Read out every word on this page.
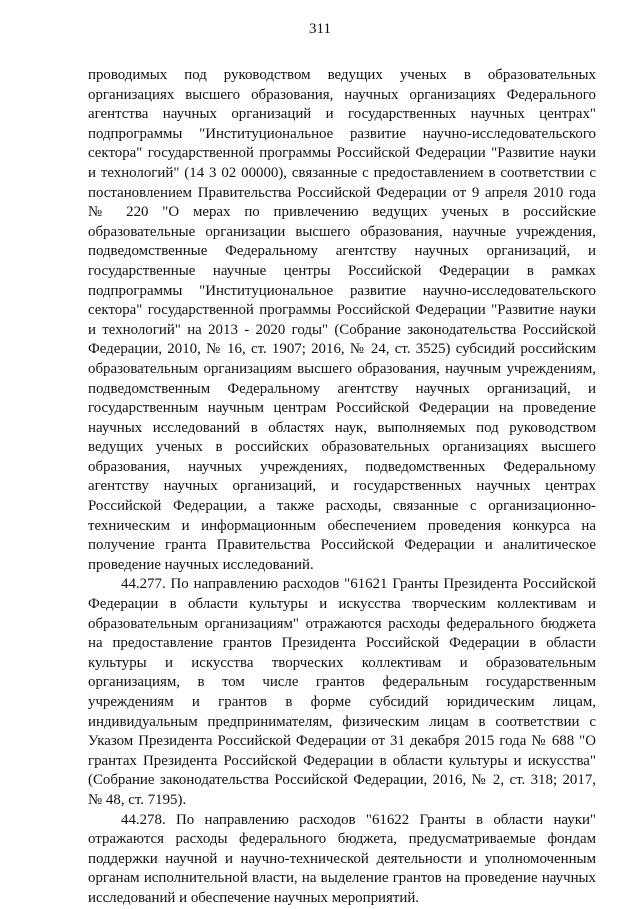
311

проводимых под руководством ведущих ученых в образовательных организациях высшего образования, научных организациях Федерального агентства научных организаций и государственных научных центрах" подпрограммы "Институциональное развитие научно-исследовательского сектора" государственной программы Российской Федерации "Развитие науки и технологий" (14 3 02 00000), связанные с предоставлением в соответствии с постановлением Правительства Российской Федерации от 9 апреля 2010 года № 220 "О мерах по привлечению ведущих ученых в российские образовательные организации высшего образования, научные учреждения, подведомственные Федеральному агентству научных организаций, и государственные научные центры Российской Федерации в рамках подпрограммы "Институциональное развитие научно-исследовательского сектора" государственной программы Российской Федерации "Развитие науки и технологий" на 2013 - 2020 годы" (Собрание законодательства Российской Федерации, 2010, № 16, ст. 1907; 2016, № 24, ст. 3525) субсидий российским образовательным организациям высшего образования, научным учреждениям, подведомственным Федеральному агентству научных организаций, и государственным научным центрам Российской Федерации на проведение научных исследований в областях наук, выполняемых под руководством ведущих ученых в российских образовательных организациях высшего образования, научных учреждениях, подведомственных Федеральному агентству научных организаций, и государственных научных центрах Российской Федерации, а также расходы, связанные с организационно-техническим и информационным обеспечением проведения конкурса на получение гранта Правительства Российской Федерации и аналитическое проведение научных исследований.

44.277. По направлению расходов "61621 Гранты Президента Российской Федерации в области культуры и искусства творческим коллективам и образовательным организациям" отражаются расходы федерального бюджета на предоставление грантов Президента Российской Федерации в области культуры и искусства творческих коллективам и образовательным организациям, в том числе грантов федеральным государственным учреждениям и грантов в форме субсидий юридическим лицам, индивидуальным предпринимателям, физическим лицам в соответствии с Указом Президента Российской Федерации от 31 декабря 2015 года № 688 "О грантах Президента Российской Федерации в области культуры и искусства" (Собрание законодательства Российской Федерации, 2016, № 2, ст. 318; 2017, № 48, ст. 7195).

44.278. По направлению расходов "61622 Гранты в области науки" отражаются расходы федерального бюджета, предусматриваемые фондам поддержки научной и научно-технической деятельности и уполномоченным органам исполнительной власти, на выделение грантов на проведение научных исследований и обеспечение научных мероприятий.
